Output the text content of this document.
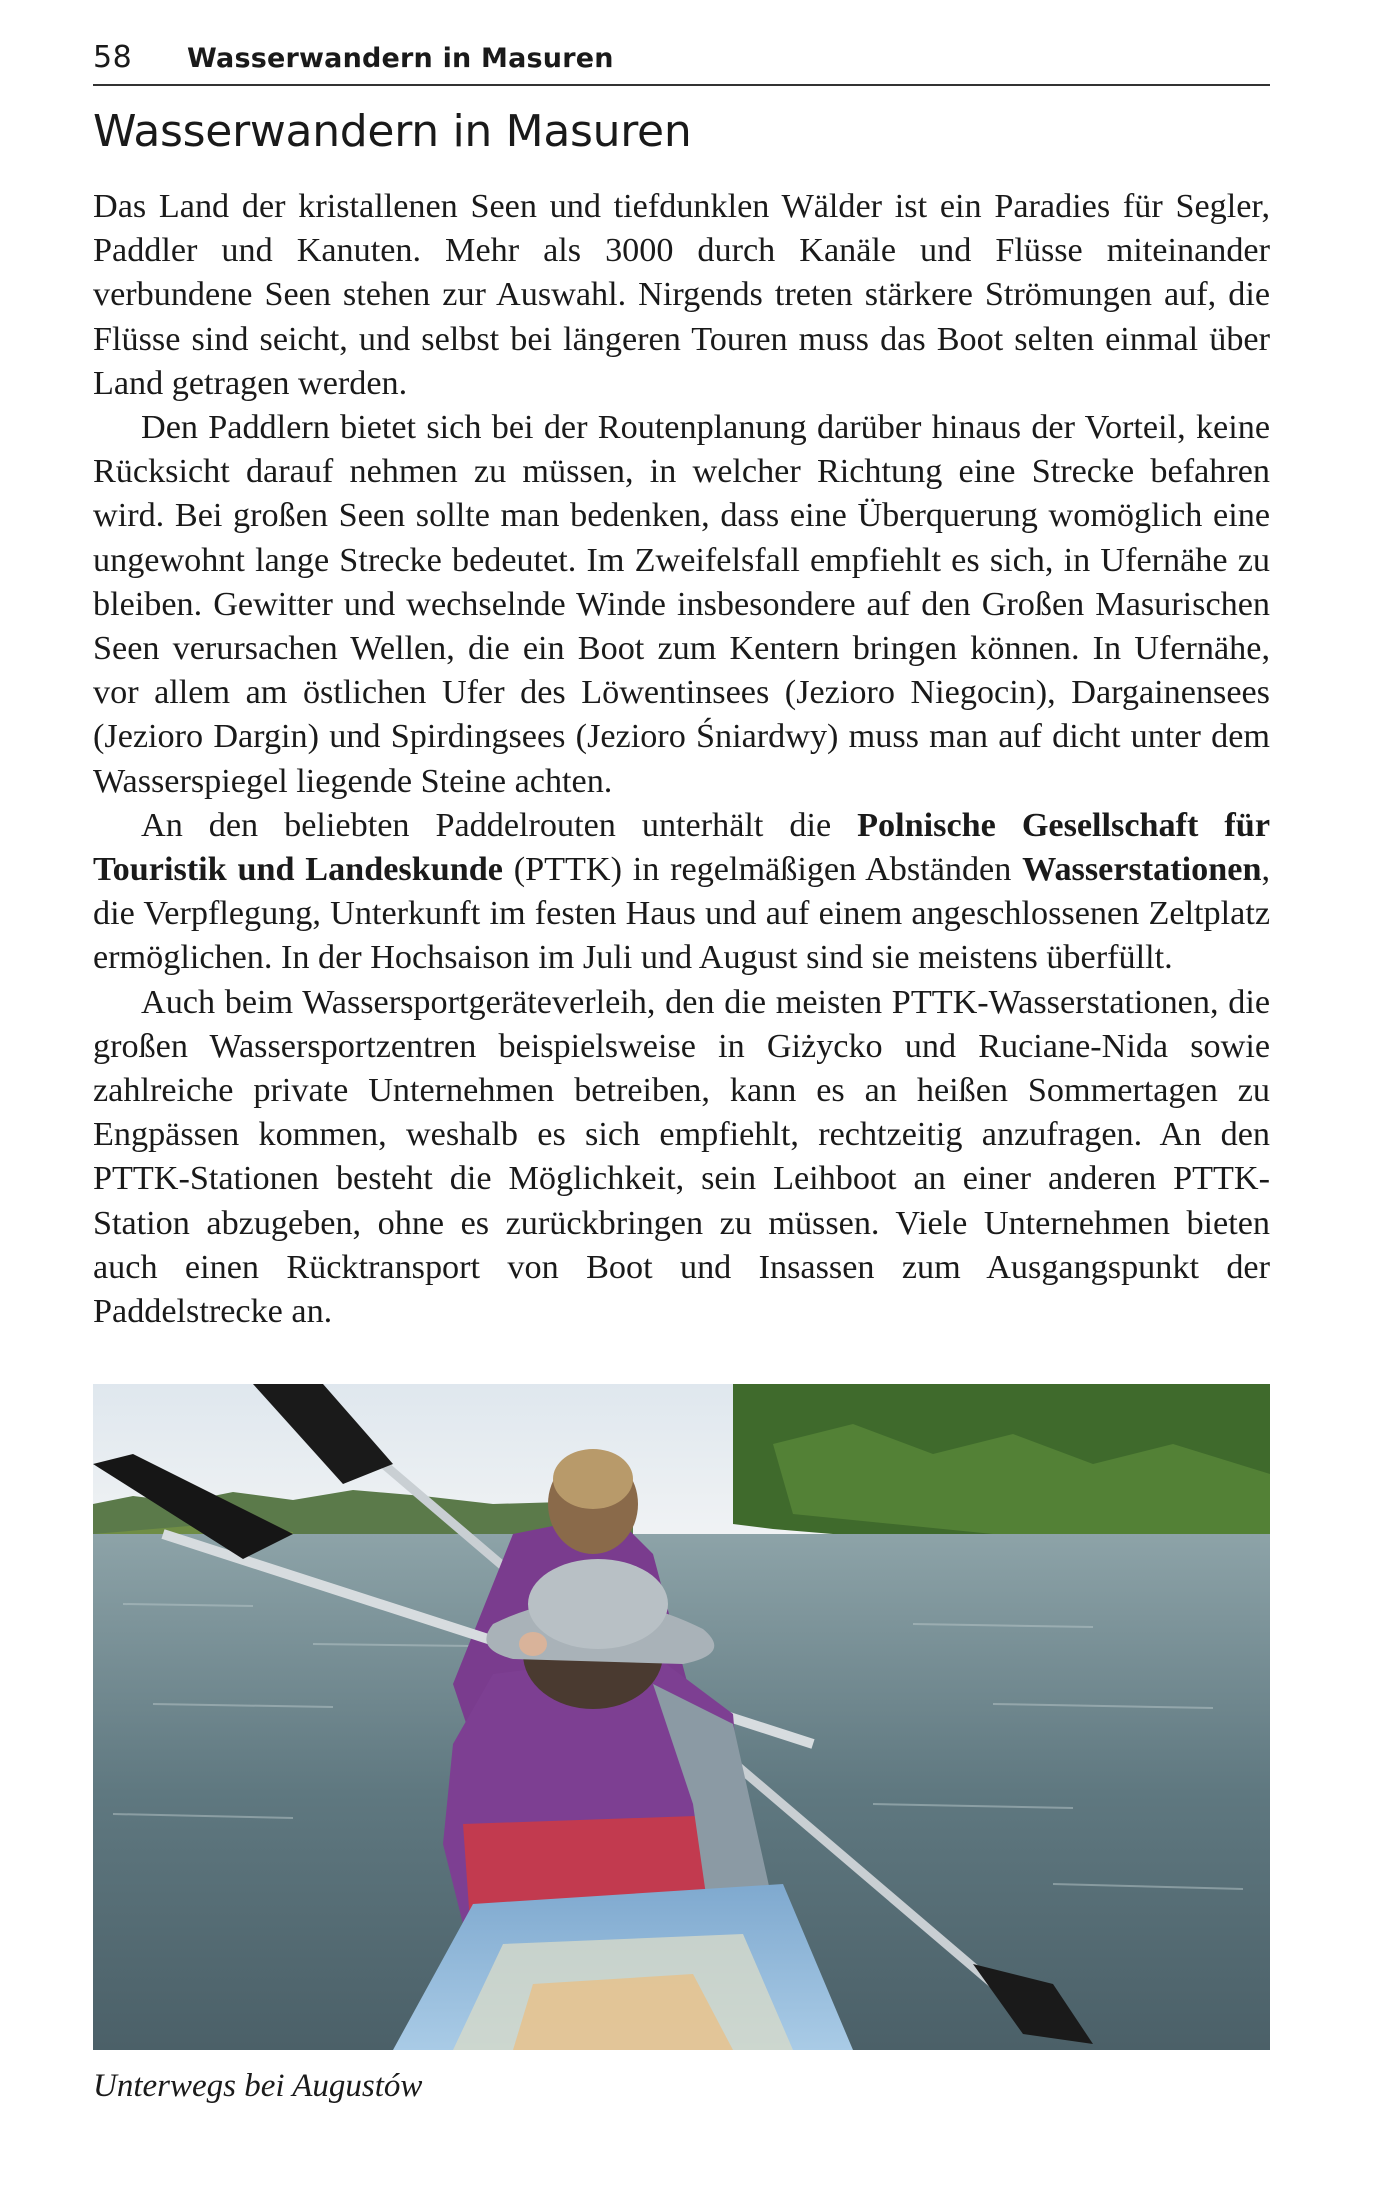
58	Wasserwandern in Masuren
Wasserwandern in Masuren

Das Land der kristallenen Seen und tiefdunklen Wälder ist ein Paradies für Segler, Paddler und Kanuten. Mehr als 3000 durch Kanäle und Flüsse miteinander verbundene Seen stehen zur Auswahl. Nirgends treten stärkere Strömungen auf, die Flüsse sind seicht, und selbst bei längeren Touren muss das Boot selten einmal über Land getragen werden.

Den Paddlern bietet sich bei der Routenplanung darüber hinaus der Vorteil, keine Rücksicht darauf nehmen zu müssen, in welcher Richtung eine Strecke befahren wird. Bei großen Seen sollte man bedenken, dass eine Überquerung womöglich eine ungewohnt lange Strecke bedeutet. Im Zweifelsfall empfiehlt es sich, in Ufernähe zu bleiben. Gewitter und wechselnde Winde insbesondere auf den Großen Masurischen Seen verursachen Wellen, die ein Boot zum Kentern bringen können. In Ufernähe, vor allem am östlichen Ufer des Löwentinsees (Jezioro Niegocin), Dargainensees (Jezioro Dargin) und Spirdingsees (Jezioro Śniardwy) muss man auf dicht unter dem Wasserspiegel liegende Steine achten.

An den beliebten Paddelrouten unterhält die Polnische Gesellschaft für Touristik und Landeskunde (PTTK) in regelmäßigen Abständen Wasserstationen, die Verpflegung, Unterkunft im festen Haus und auf einem angeschlossenen Zeltplatz ermöglichen. In der Hochsaison im Juli und August sind sie meistens überfüllt.

Auch beim Wassersportgeräteverleih, den die meisten PTTK-Wasserstationen, die großen Wassersportzentren beispielsweise in Giżycko und Ruciane-Nida sowie zahlreiche private Unternehmen betreiben, kann es an heißen Sommertagen zu Engpässen kommen, weshalb es sich empfiehlt, rechtzeitig anzufragen. An den PTTK-Stationen besteht die Möglichkeit, sein Leihboot an einer anderen PTTK-Station abzugeben, ohne es zurückbringen zu müssen. Viele Unternehmen bieten auch einen Rücktransport von Boot und Insassen zum Ausgangspunkt der Paddelstrecke an.

Unterwegs bei Augustów
